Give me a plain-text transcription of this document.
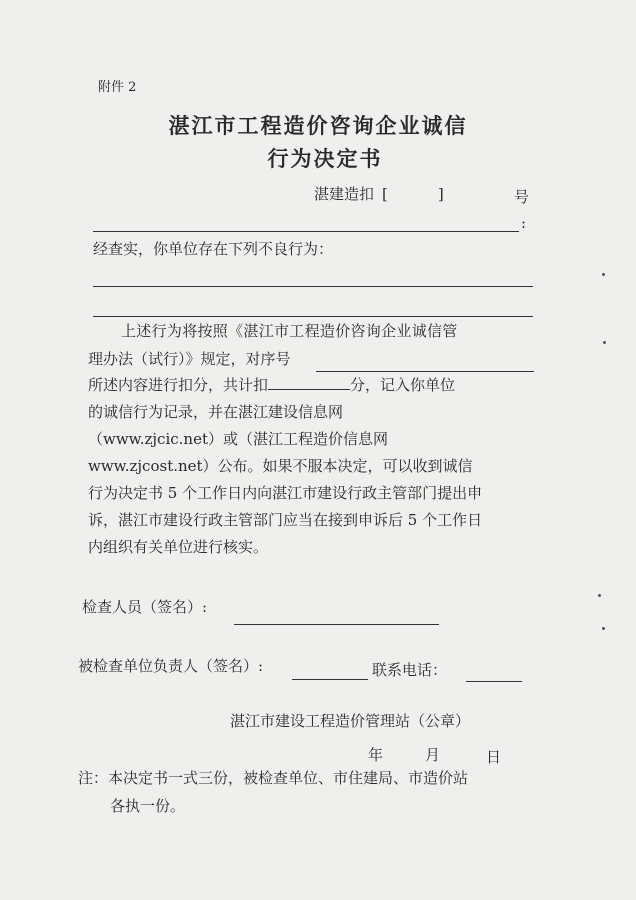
附件 2
湛江市工程造价咨询企业诚信
行为决定书
湛建造扣 [	]	号
:
经查实，你单位存在下列不良行为：
上述行为将按照《湛江市工程造价咨询企业诚信管
理办法（试行）》规定，对序号
所述内容进行扣分，共计扣	分，记入你单位
的诚信行为记录，并在湛江建设信息网
（www.zjcic.net）或（湛江工程造价信息网
www.zjcost.net）公布。如果不服本决定，可以收到诚信
行为决定书 5 个工作日内向湛江市建设行政主管部门提出申
诉，湛江市建设行政主管部门应当在接到申诉后 5 个工作日
内组织有关单位进行核实。
检查人员（签名）:
被检查单位负责人（签名）:	联系电话：
湛江市建设工程造价管理站（公章）
年	月	日
注：本决定书一式三份，被检查单位、市住建局、市造价站
各执一份。
